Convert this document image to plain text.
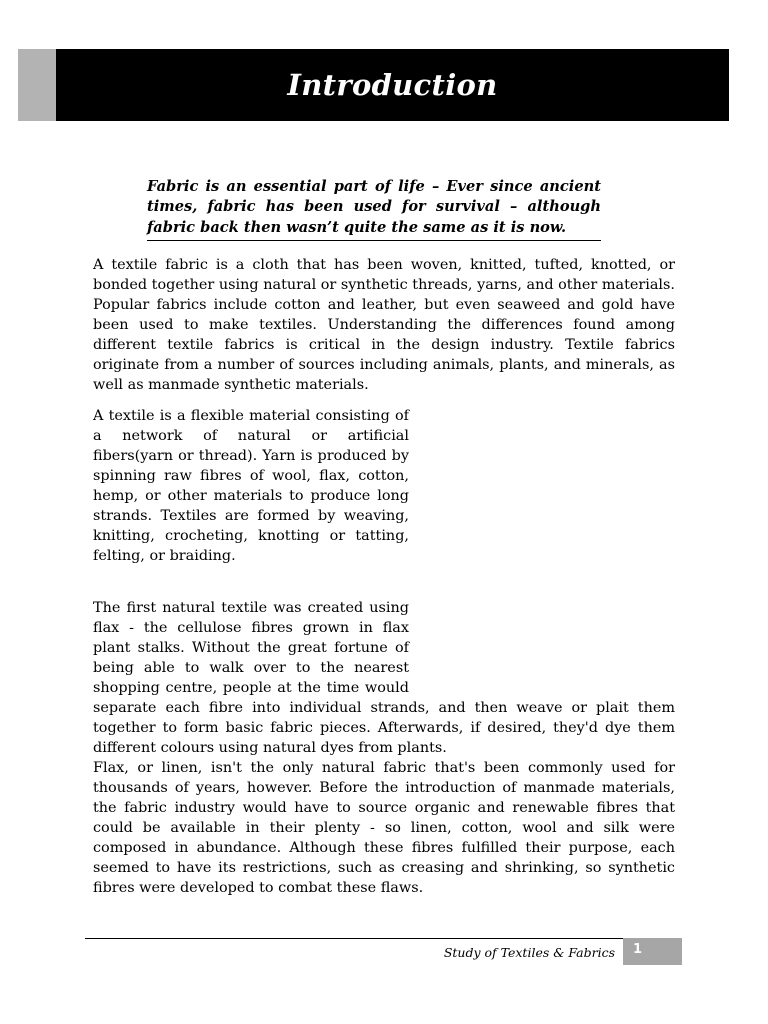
Introduction
Fabric is an essential part of life – Ever since ancient times, fabric has been used for survival – although fabric back then wasn’t quite the same as it is now.
A textile fabric is a cloth that has been woven, knitted, tufted, knotted, or bonded together using natural or synthetic threads, yarns, and other materials. Popular fabrics include cotton and leather, but even seaweed and gold have been used to make textiles. Understanding the differences found among different textile fabrics is critical in the design industry. Textile fabrics originate from a number of sources including animals, plants, and minerals, as well as manmade synthetic materials.
A textile is a flexible material consisting of a network of natural or artificial fibers(yarn or thread). Yarn is produced by spinning raw fibres of wool, flax, cotton, hemp, or other materials to produce long strands. Textiles are formed by weaving, knitting, crocheting, knotting or tatting, felting, or braiding.
The first natural textile was created using flax - the cellulose fibres grown in flax plant stalks. Without the great fortune of being able to walk over to the nearest shopping centre, people at the time would separate each fibre into individual strands, and then weave or plait them together to form basic fabric pieces. Afterwards, if desired, they'd dye them different colours using natural dyes from plants.
Flax, or linen, isn't the only natural fabric that's been commonly used for thousands of years, however. Before the introduction of manmade materials, the fabric industry would have to source organic and renewable fibres that could be available in their plenty - so linen, cotton, wool and silk were composed in abundance. Although these fibres fulfilled their purpose, each seemed to have its restrictions, such as creasing and shrinking, so synthetic fibres were developed to combat these flaws.
Study of Textiles & Fabrics 1
